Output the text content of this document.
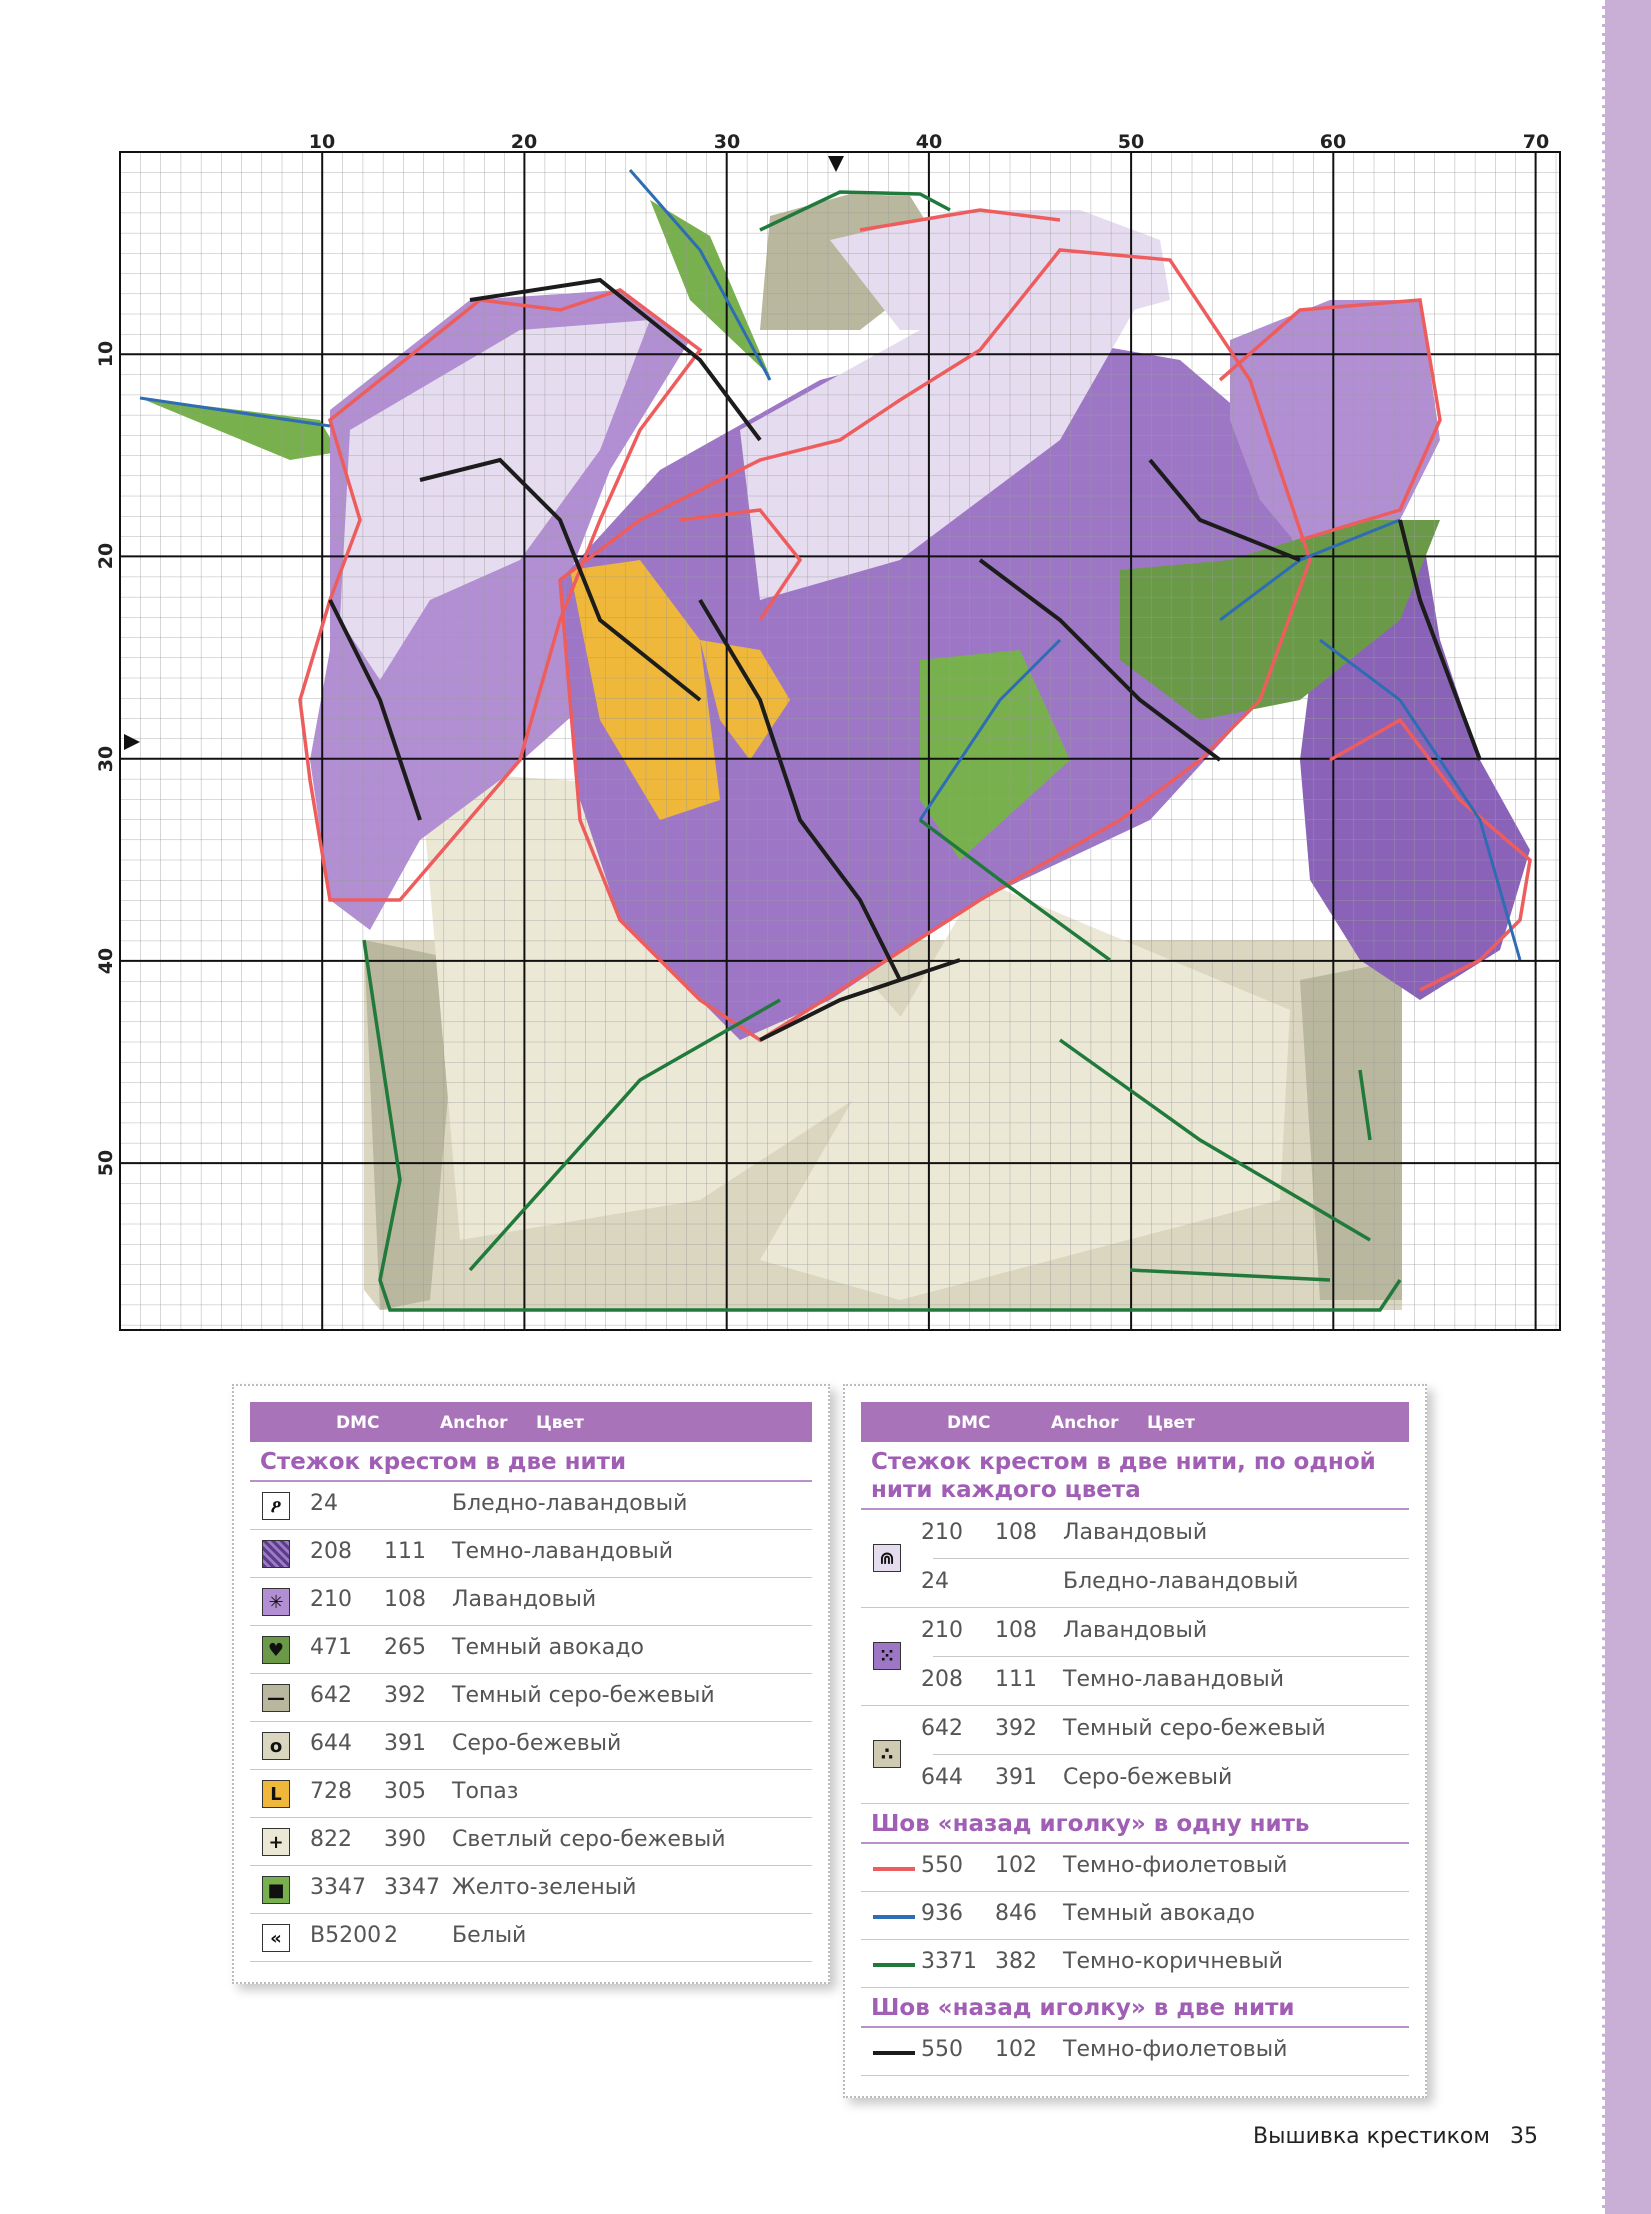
10	20	30	40	50	60	70
10
20
30
40
50
DMC	Anchor Цвет
Стежок крестом в две нити
ዖ 24	Бледно-лавандовый
208 111 Темно-лавандовый
✳ 210 108 Лавандовый
♥ 471 265 Темный авокадо
— 642 392 Темный серо-бежевый
o 644 391 Серо-бежевый
L 728 305 Топаз
+ 822 390 Светлый серо-бежевый
■ 3347 3347 Желто-зеленый
« B5200 2 Белый
DMC	Anchor Цвет
Стежок крестом в две нити, по одной нити каждого цвета
⋒
210 108 Лавандовый
24	Бледно-лавандовый
⁙
210 108 Лавандовый
208 111 Темно-лавандовый
∴
642 392 Темный серо-бежевый
644 391 Серо-бежевый
Шов «назад иголку» в одну нить
550 102 Темно-фиолетовый
936 846 Темный авокадо
3371 382 Темно-коричневый
Шов «назад иголку» в две нити
550 102 Темно-фиолетовый
Вышивка крестиком 35
